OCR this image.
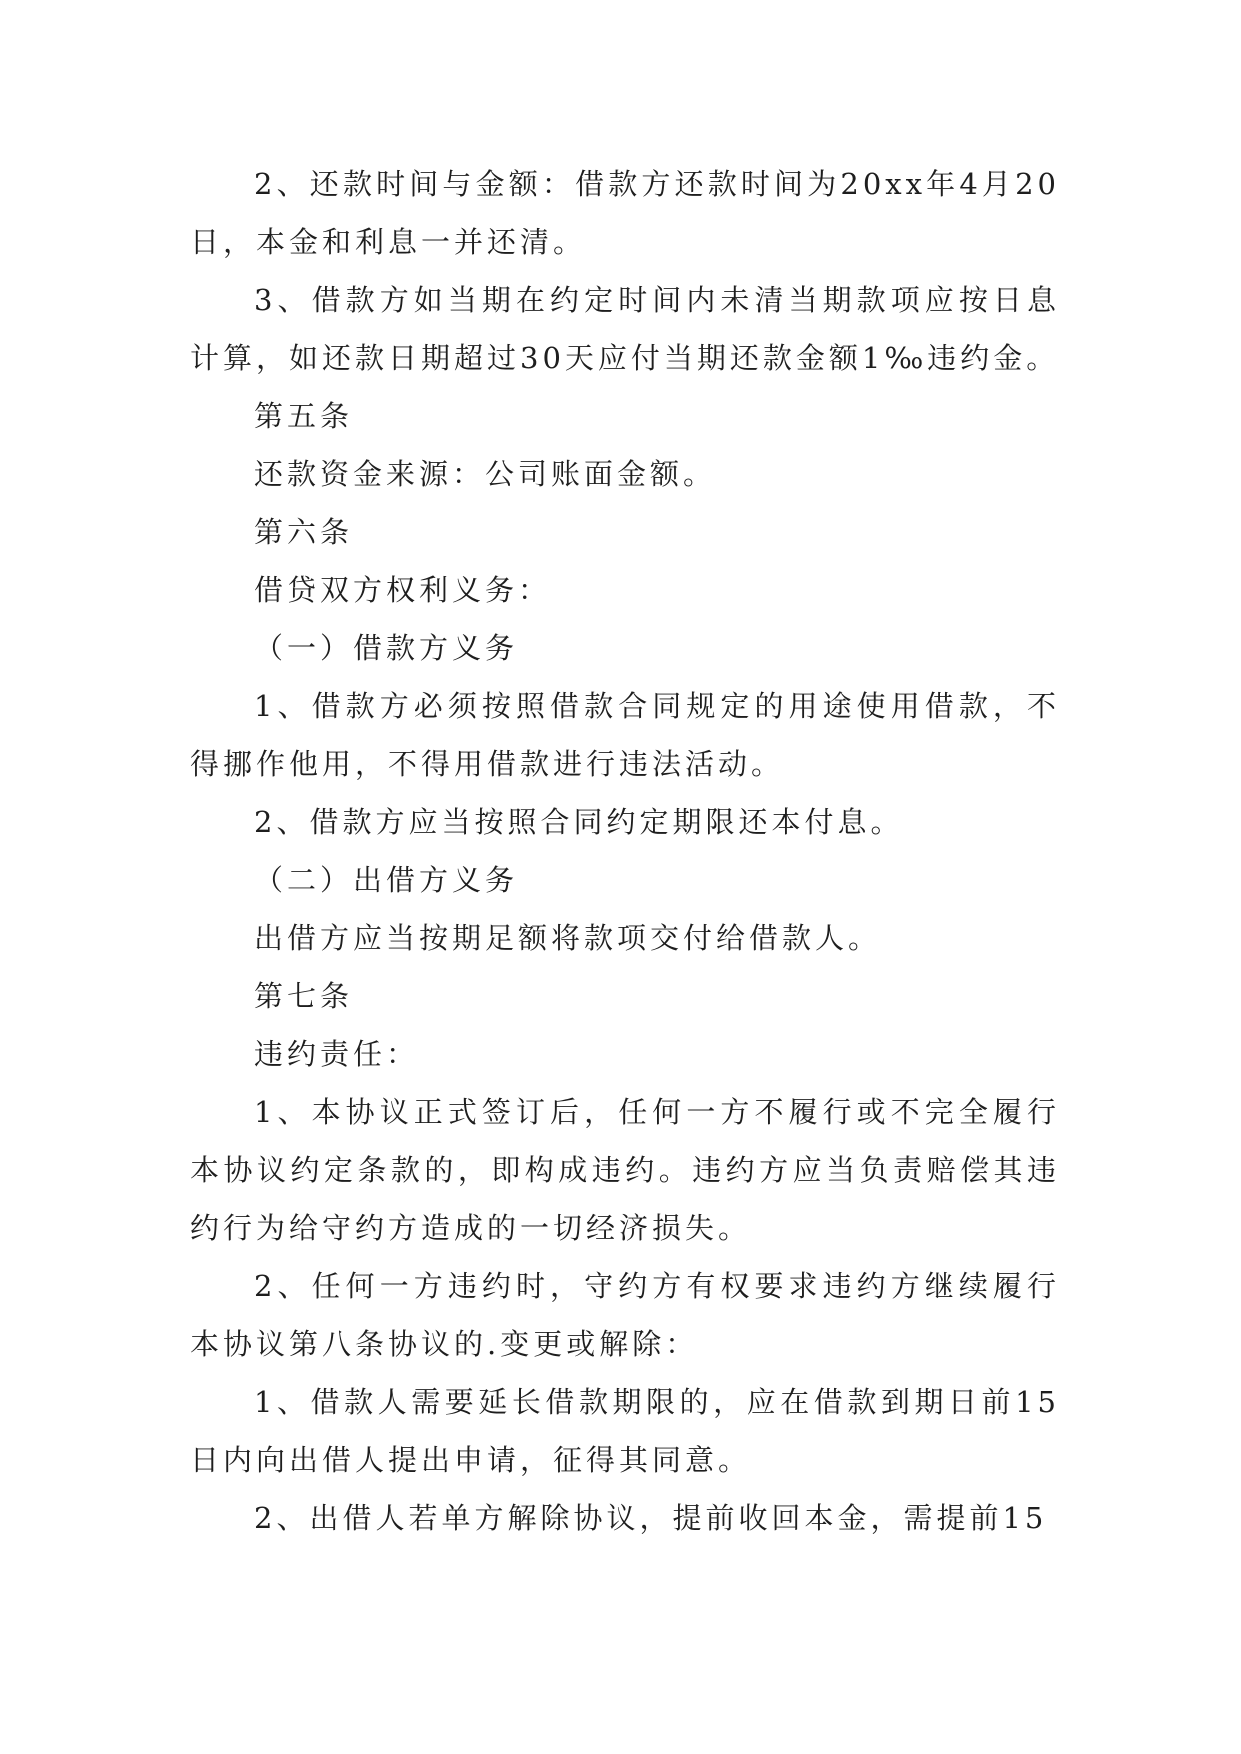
2、还款时间与金额：借款方还款时间为20xx年4月20日，本金和利息一并还清。

3、借款方如当期在约定时间内未清当期款项应按日息计算，如还款日期超过30天应付当期还款金额1‰违约金。

第五条

还款资金来源：公司账面金额。

第六条

借贷双方权利义务：

（一）借款方义务

1、借款方必须按照借款合同规定的用途使用借款，不得挪作他用，不得用借款进行违法活动。

2、借款方应当按照合同约定期限还本付息。

（二）出借方义务

出借方应当按期足额将款项交付给借款人。

第七条

违约责任：

1、本协议正式签订后，任何一方不履行或不完全履行本协议约定条款的，即构成违约。违约方应当负责赔偿其违约行为给守约方造成的一切经济损失。

2、任何一方违约时，守约方有权要求违约方继续履行本协议第八条协议的.变更或解除：

1、借款人需要延长借款期限的，应在借款到期日前15日内向出借人提出申请，征得其同意。

2、出借人若单方解除协议，提前收回本金，需提前15
